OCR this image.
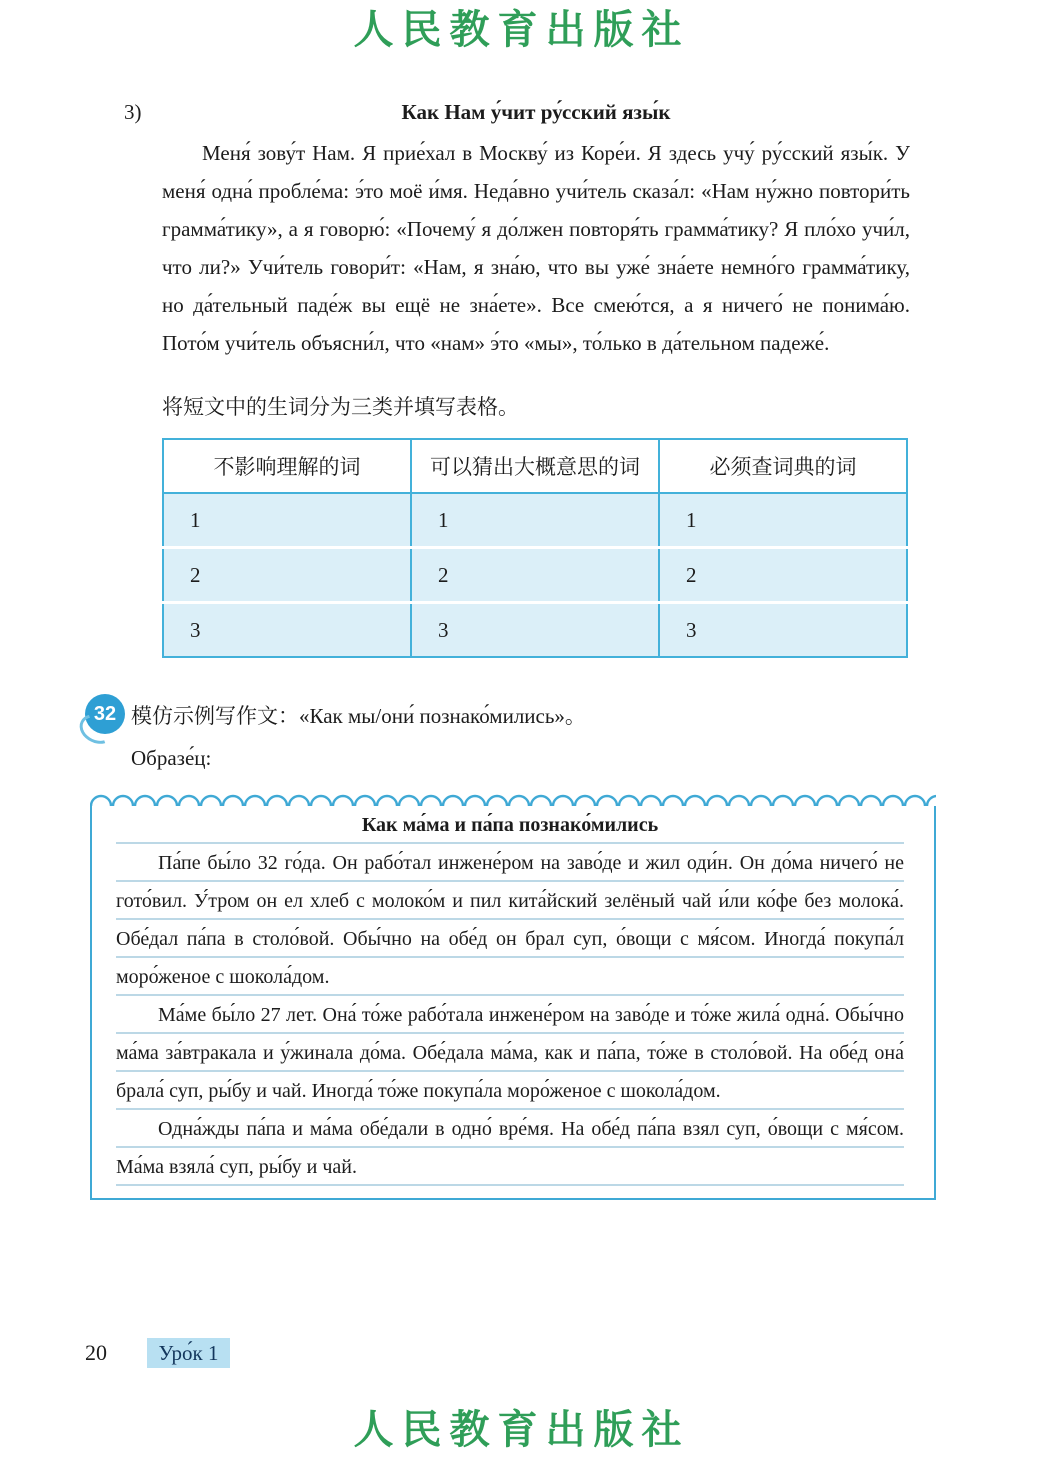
人民教育出版社
3)	Как Нам у́чит ру́сский язы́к

Меня́ зову́т Нам. Я прие́хал в Москву́ из Коре́и. Я здесь учу́ ру́сский язы́к. У меня́ одна́ пробле́ма: э́то моё и́мя. Неда́вно учи́тель сказа́л: «Нам ну́жно повтори́ть грамма́тику», а я говорю́: «Почему́ я до́лжен повторя́ть грамма́тику? Я пло́хо учи́л, что ли?» Учи́тель говори́т: «Нам, я зна́ю, что вы уже́ зна́ете немно́го грамма́тику, но да́тельный паде́ж вы ещё не зна́ете». Все смею́тся, а я ничего́ не понима́ю. Пото́м учи́тель объясни́л, что «нам» э́то «мы», то́лько в да́тельном падеже́.

将短文中的生词分为三类并填写表格。
不影响理解的词	可以猜出大概意思的词	必须查词典的词
1	1	1
2	2	2
3	3	3
32 模仿示例写作文：«Как мы/они́ познако́мились»。
Образе́ц:
Как ма́ма и па́па познако́мились

Па́пе бы́ло 32 го́да. Он рабо́тал инжене́ром на заво́де и жил оди́н. Он до́ма ничего́ не гото́вил. У́тром он ел хлеб с молоко́м и пил кита́йский зелёный чай и́ли ко́фе без молока́. Обе́дал па́па в столо́вой. Обы́чно на обе́д он брал суп, о́вощи с мя́сом. Иногда́ покупа́л моро́женое с шокола́дом.

Ма́ме бы́ло 27 лет. Она́ то́же рабо́тала инжене́ром на заво́де и то́же жила́ одна́. Обы́чно ма́ма за́втракала и у́жинала до́ма. Обе́дала ма́ма, как и па́па, то́же в столо́вой. На обе́д она́ брала́ суп, ры́бу и чай. Иногда́ то́же покупа́ла моро́женое с шокола́дом.

Одна́жды па́па и ма́ма обе́дали в одно́ вре́мя. На обе́д па́па взял суп, о́вощи с мя́сом. Ма́ма взяла́ суп, ры́бу и чай.

20 Уро́к 1
人民教育出版社
